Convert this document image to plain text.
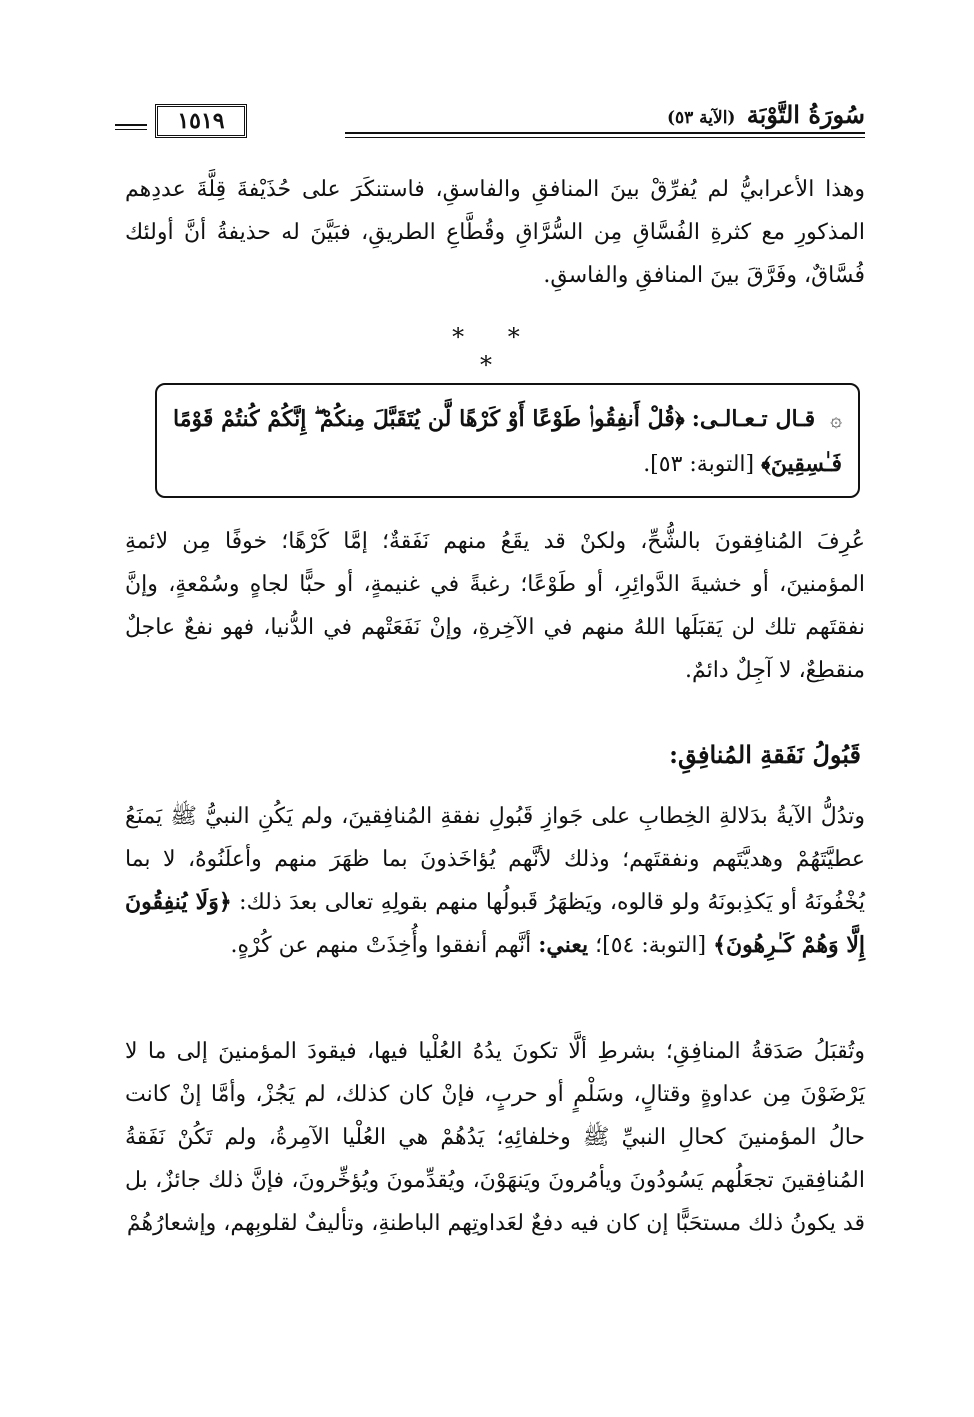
سُورَةُ التَّوْبَة (الآية ٥٣)
١٥١٩
وهذا الأعرابيُّ لم يُفرِّقْ بينَ المنافقِ والفاسقِ، فاستنكَرَ على حُذَيْفةَ قِلَّةَ عددِهم المذكورِ مع كثرةِ الفُسَّاقِ مِن السُّرَّاقِ وقُطَّاعِ الطريقِ، فبَيَّنَ له حذيفةُ أنَّ أولئك فُسَّاقٌ، وفَرَّقَ بينَ المنافقِ والفاسقِ.
* * *
۞ قـال تـعـالـى: ﴿قُلْ أَنفِقُوا۟ طَوْعًا أَوْ كَرْهًا لَّن يُتَقَبَّلَ مِنكُمْ ۖ إِنَّكُمْ كُنتُمْ قَوْمًا فَـٰسِقِينَ﴾ [التوبة: ٥٣].
عُرِفَ المُنافِقونَ بالشُّحِّ، ولكنْ قد يقَعُ منهم نَفَقةٌ؛ إمَّا كَرْهًا؛ خوفًا مِن لائمةِ المؤمنينَ، أو خشيةَ الدَّوائِرِ، أو طَوْعًا؛ رغبةً في غنيمةٍ، أو حبًّا لجاهٍ وسُمْعةٍ، وإنَّ نفقتَهم تلك لن يَقبَلَها اللهُ منهم في الآخِرةِ، وإنْ نَفَعَتْهم في الدُّنيا، فهو نفعٌ عاجلٌ منقطِعٌ، لا آجِلٌ دائمٌ.
قَبُولُ نَفَقةِ المُنافِقِ:
وتدُلُّ الآيةُ بدَلالةِ الخِطابِ على جَوازِ قَبُولِ نفقةِ المُنافِقينَ، ولم يَكُنِ النبيُّ ﷺ يَمنَعُ عطيَّتَهُمْ وهديَّتَهم ونفقتَهم؛ وذلك لأنَّهم يُؤاخَذونَ بما ظهَرَ منهم وأعلَنُوهُ، لا بما يُخْفُونَهُ أو يَكذِبونَهُ ولو قالوه، ويَظهَرُ قَبولُها منهم بقولِهِ تعالى بعدَ ذلك: ﴿وَلَا يُنفِقُونَ إِلَّا وَهُمْ كَـٰرِهُونَ﴾ [التوبة: ٥٤]؛ يعني: أنَّهم أنفقوا وأُخِذَتْ منهم عن كُرْهٍ.
وتُقبَلُ صَدَقةُ المنافِقِ؛ بشرطِ ألَّا تكونَ يدُهُ العُلْيا فيها، فيقودَ المؤمنينَ إلى ما لا يَرْضَوْنَ مِن عداوةٍ وقتالٍ، وسَلْمٍ أو حربٍ، فإنْ كان كذلك، لم يَجُزْ، وأمَّا إنْ كانت حالُ المؤمنينَ كحالِ النبيِّ ﷺ وخلفائِهِ؛ يَدُهُمْ هي العُلْيا الآمِرةُ، ولم تَكُنْ نَفَقةُ المُنافِقينَ تجعَلُهم يَسُودُونَ ويأمُرونَ ويَنهَوْنَ، ويُقدِّمونَ ويُؤخِّرونَ، فإنَّ ذلك جائزٌ، بل قد يكونُ ذلك مستحَبًّا إن كان فيه دفعٌ لعَداوتِهم الباطنةِ، وتأليفٌ لقلوبِهم، وإشعارُهُمْ
